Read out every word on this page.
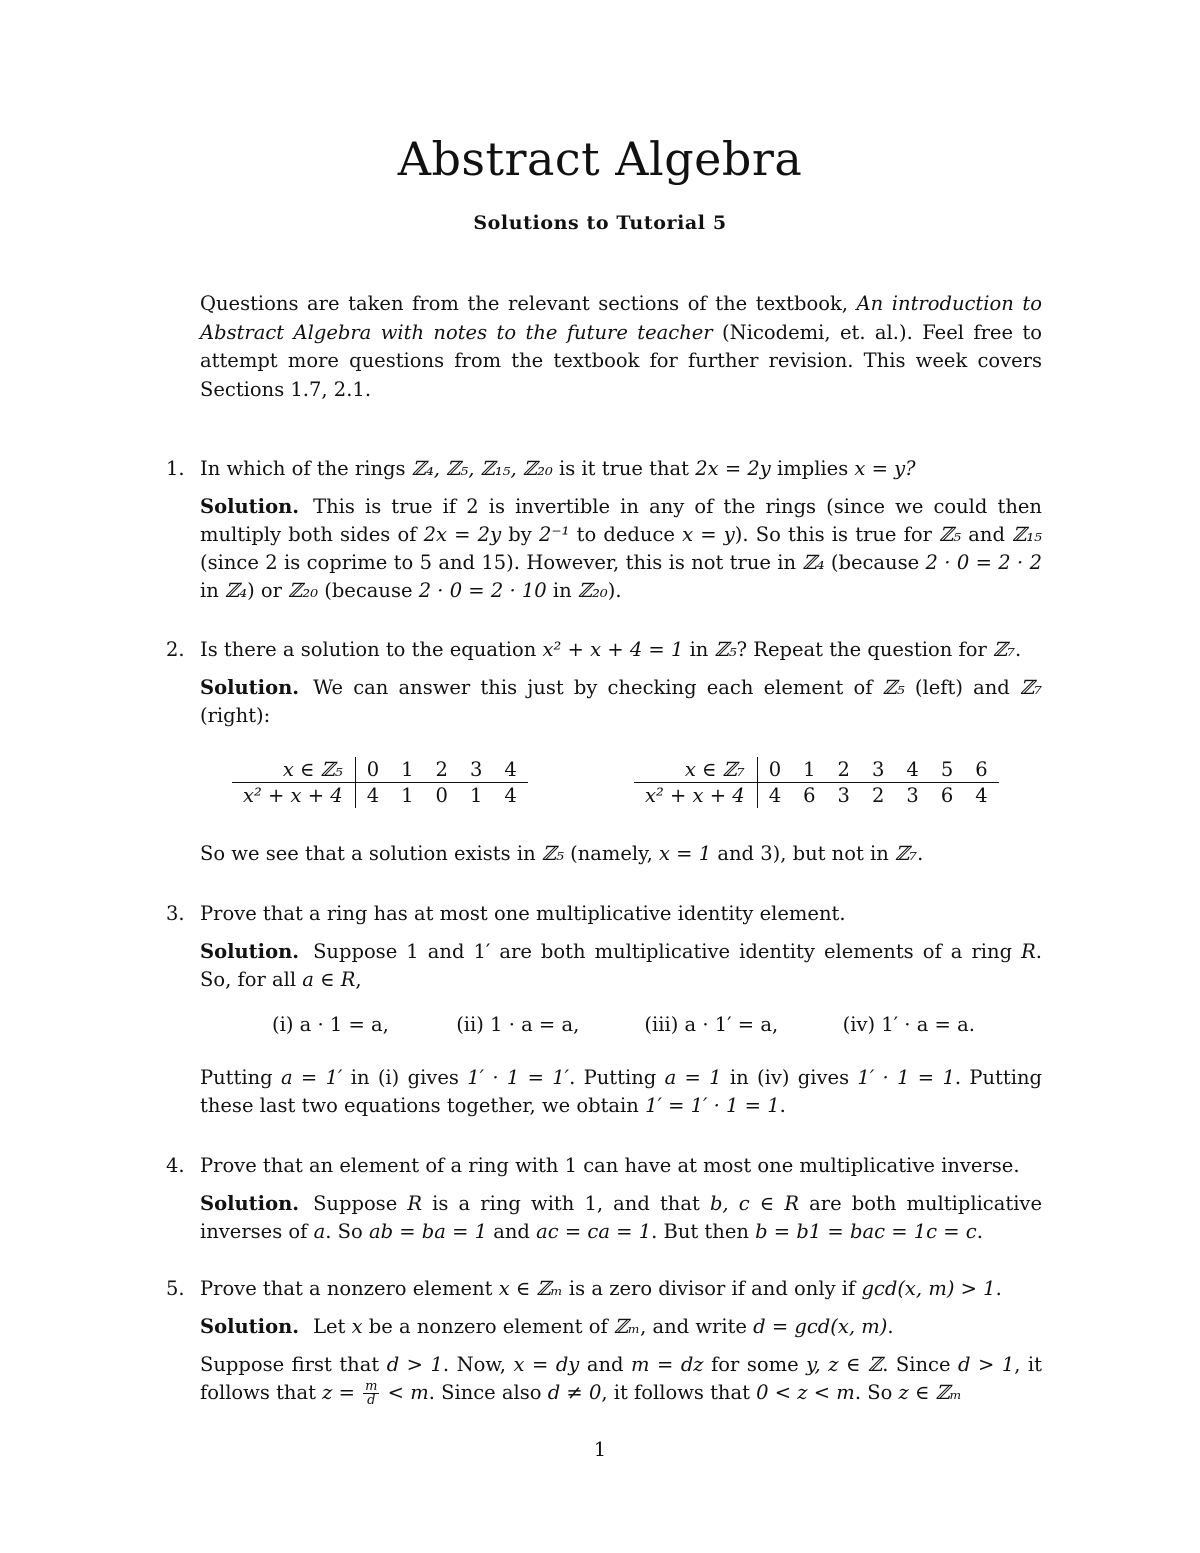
Abstract Algebra
Solutions to Tutorial 5
Questions are taken from the relevant sections of the textbook, An introduction to Abstract Algebra with notes to the future teacher (Nicodemi, et. al.). Feel free to attempt more questions from the textbook for further revision. This week covers Sections 1.7, 2.1.
1. In which of the rings ℤ₄, ℤ₅, ℤ₁₅, ℤ₂₀ is it true that 2x = 2y implies x = y?
Solution. This is true if 2 is invertible in any of the rings (since we could then multiply both sides of 2x = 2y by 2⁻¹ to deduce x = y). So this is true for ℤ₅ and ℤ₁₅ (since 2 is coprime to 5 and 15). However, this is not true in ℤ₄ (because 2 · 0 = 2 · 2 in ℤ₄) or ℤ₂₀ (because 2 · 0 = 2 · 10 in ℤ₂₀).
2. Is there a solution to the equation x² + x + 4 = 1 in ℤ₅? Repeat the question for ℤ₇.
Solution. We can answer this just by checking each element of ℤ₅ (left) and ℤ₇ (right):
x ∈ ℤ₅	0	1	2	3	4
x² + x + 4	4	1	0	1	4
x ∈ ℤ₇	0	1	2	3	4	5	6
x² + x + 4	4	6	3	2	3	6	4
So we see that a solution exists in ℤ₅ (namely, x = 1 and 3), but not in ℤ₇.
3. Prove that a ring has at most one multiplicative identity element.
Solution. Suppose 1 and 1′ are both multiplicative identity elements of a ring R. So, for all a ∈ R,
(i) a · 1 = a,	(ii) 1 · a = a,	(iii) a · 1′ = a,	(iv) 1′ · a = a.
Putting a = 1′ in (i) gives 1′ · 1 = 1′. Putting a = 1 in (iv) gives 1′ · 1 = 1. Putting these last two equations together, we obtain 1′ = 1′ · 1 = 1.
4. Prove that an element of a ring with 1 can have at most one multiplicative inverse.
Solution. Suppose R is a ring with 1, and that b, c ∈ R are both multiplicative inverses of a. So ab = ba = 1 and ac = ca = 1. But then b = b1 = bac = 1c = c.
5. Prove that a nonzero element x ∈ ℤₘ is a zero divisor if and only if gcd(x, m) > 1.
Solution. Let x be a nonzero element of ℤₘ, and write d = gcd(x, m).
Suppose first that d > 1. Now, x = dy and m = dz for some y, z ∈ ℤ. Since d > 1, it follows that $z = \frac{m}{d} < m$. Since also d ≠ 0, it follows that 0 < z < m. So z ∈ ℤₘ
1
